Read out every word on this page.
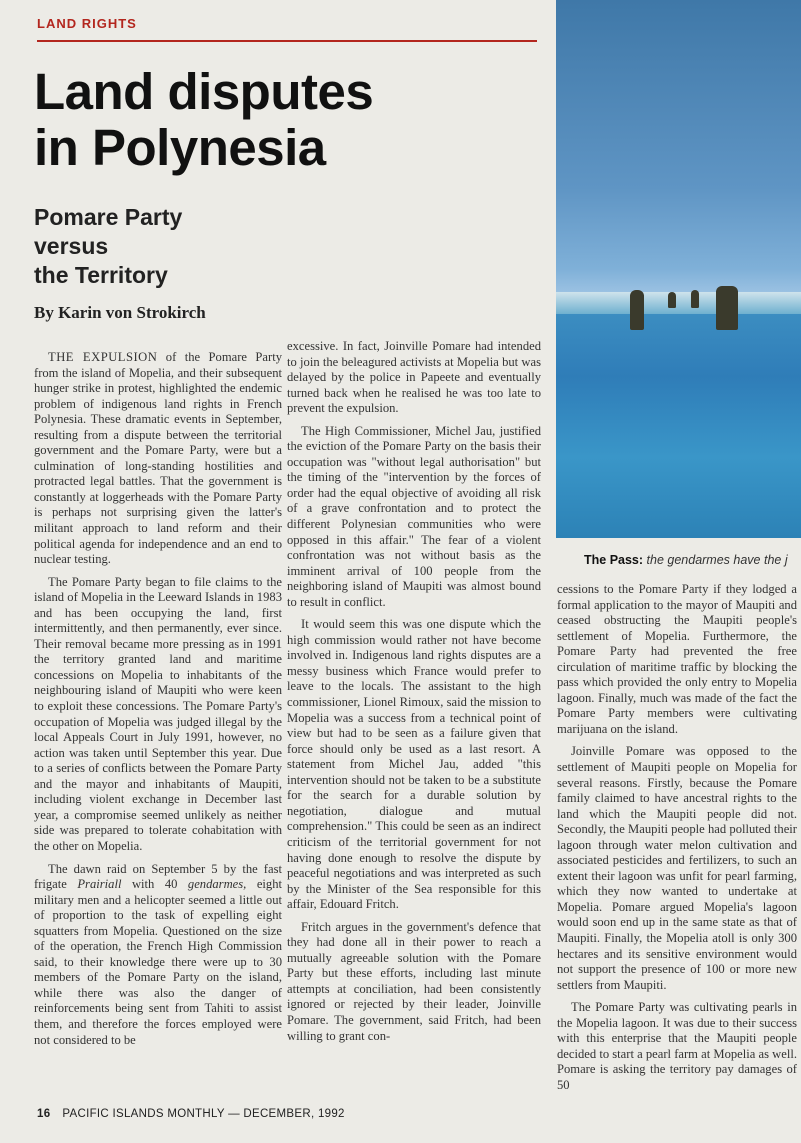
LAND RIGHTS
Land disputes
in Polynesia
Pomare Party
versus
the Territory
By Karin von Strokirch

THE EXPULSION of the Pomare Party from the island of Mopelia, and their subsequent hunger strike in protest, highlighted the endemic problem of indigenous land rights in French Polynesia. These dramatic events in September, resulting from a dispute between the territorial government and the Pomare Party, were but a culmination of long-standing hostilities and protracted legal battles. That the government is constantly at loggerheads with the Pomare Party is perhaps not surprising given the latter's militant approach to land reform and their political agenda for independence and an end to nuclear testing.

The Pomare Party began to file claims to the island of Mopelia in the Leeward Islands in 1983 and has been occupying the land, first intermittently, and then permanently, ever since. Their removal became more pressing as in 1991 the territory granted land and maritime concessions on Mopelia to inhabitants of the neighbouring island of Maupiti who were keen to exploit these concessions. The Pomare Party's occupation of Mopelia was judged illegal by the local Appeals Court in July 1991, however, no action was taken until September this year. Due to a series of conflicts between the Pomare Party and the mayor and inhabitants of Maupiti, including violent exchange in December last year, a compromise seemed unlikely as neither side was prepared to tolerate cohabitation with the other on Mopelia.

The dawn raid on September 5 by the fast frigate Prairiall with 40 gendarmes, eight military men and a helicopter seemed a little out of proportion to the task of expelling eight squatters from Mopelia. Questioned on the size of the operation, the French High Commission said, to their knowledge there were up to 30 members of the Pomare Party on the island, while there was also the danger of reinforcements being sent from Tahiti to assist them, and therefore the forces employed were not considered to be

excessive. In fact, Joinville Pomare had intended to join the beleagured activists at Mopelia but was delayed by the police in Papeete and eventually turned back when he realised he was too late to prevent the expulsion.

The High Commissioner, Michel Jau, justified the eviction of the Pomare Party on the basis their occupation was "without legal authorisation" but the timing of the "intervention by the forces of order had the equal objective of avoiding all risk of a grave confrontation and to protect the different Polynesian communities who were opposed in this affair." The fear of a violent confrontation was not without basis as the imminent arrival of 100 people from the neighboring island of Maupiti was almost bound to result in conflict.

It would seem this was one dispute which the high commission would rather not have become involved in. Indigenous land rights disputes are a messy business which France would prefer to leave to the locals. The assistant to the high commissioner, Lionel Rimoux, said the mission to Mopelia was a success from a technical point of view but had to be seen as a failure given that force should only be used as a last resort. A statement from Michel Jau, added "this intervention should not be taken to be a substitute for the search for a durable solution by negotiation, dialogue and mutual comprehension." This could be seen as an indirect criticism of the territorial government for not having done enough to resolve the dispute by peaceful negotiations and was interpreted as such by the Minister of the Sea responsible for this affair, Edouard Fritch.

Fritch argues in the government's defence that they had done all in their power to reach a mutually agreeable solution with the Pomare Party but these efforts, including last minute attempts at conciliation, had been consistently ignored or rejected by their leader, Joinville Pomare. The government, said Fritch, had been willing to grant con-

The Pass: the gendarmes have the j

cessions to the Pomare Party if they lodged a formal application to the mayor of Maupiti and ceased obstructing the Maupiti people's settlement of Mopelia. Furthermore, the Pomare Party had prevented the free circulation of maritime traffic by blocking the pass which provided the only entry to Mopelia lagoon. Finally, much was made of the fact the Pomare Party members were cultivating marijuana on the island.

Joinville Pomare was opposed to the settlement of Maupiti people on Mopelia for several reasons. Firstly, because the Pomare family claimed to have ancestral rights to the land which the Maupiti people did not. Secondly, the Maupiti people had polluted their lagoon through water melon cultivation and associated pesticides and fertilizers, to such an extent their lagoon was unfit for pearl farming, which they now wanted to undertake at Mopelia. Pomare argued Mopelia's lagoon would soon end up in the same state as that of Maupiti. Finally, the Mopelia atoll is only 300 hectares and its sensitive environment would not support the presence of 100 or more new settlers from Maupiti.

The Pomare Party was cultivating pearls in the Mopelia lagoon. It was due to their success with this enterprise that the Maupiti people decided to start a pearl farm at Mopelia as well. Pomare is asking the territory pay damages of 50

16 PACIFIC ISLANDS MONTHLY — DECEMBER, 1992
